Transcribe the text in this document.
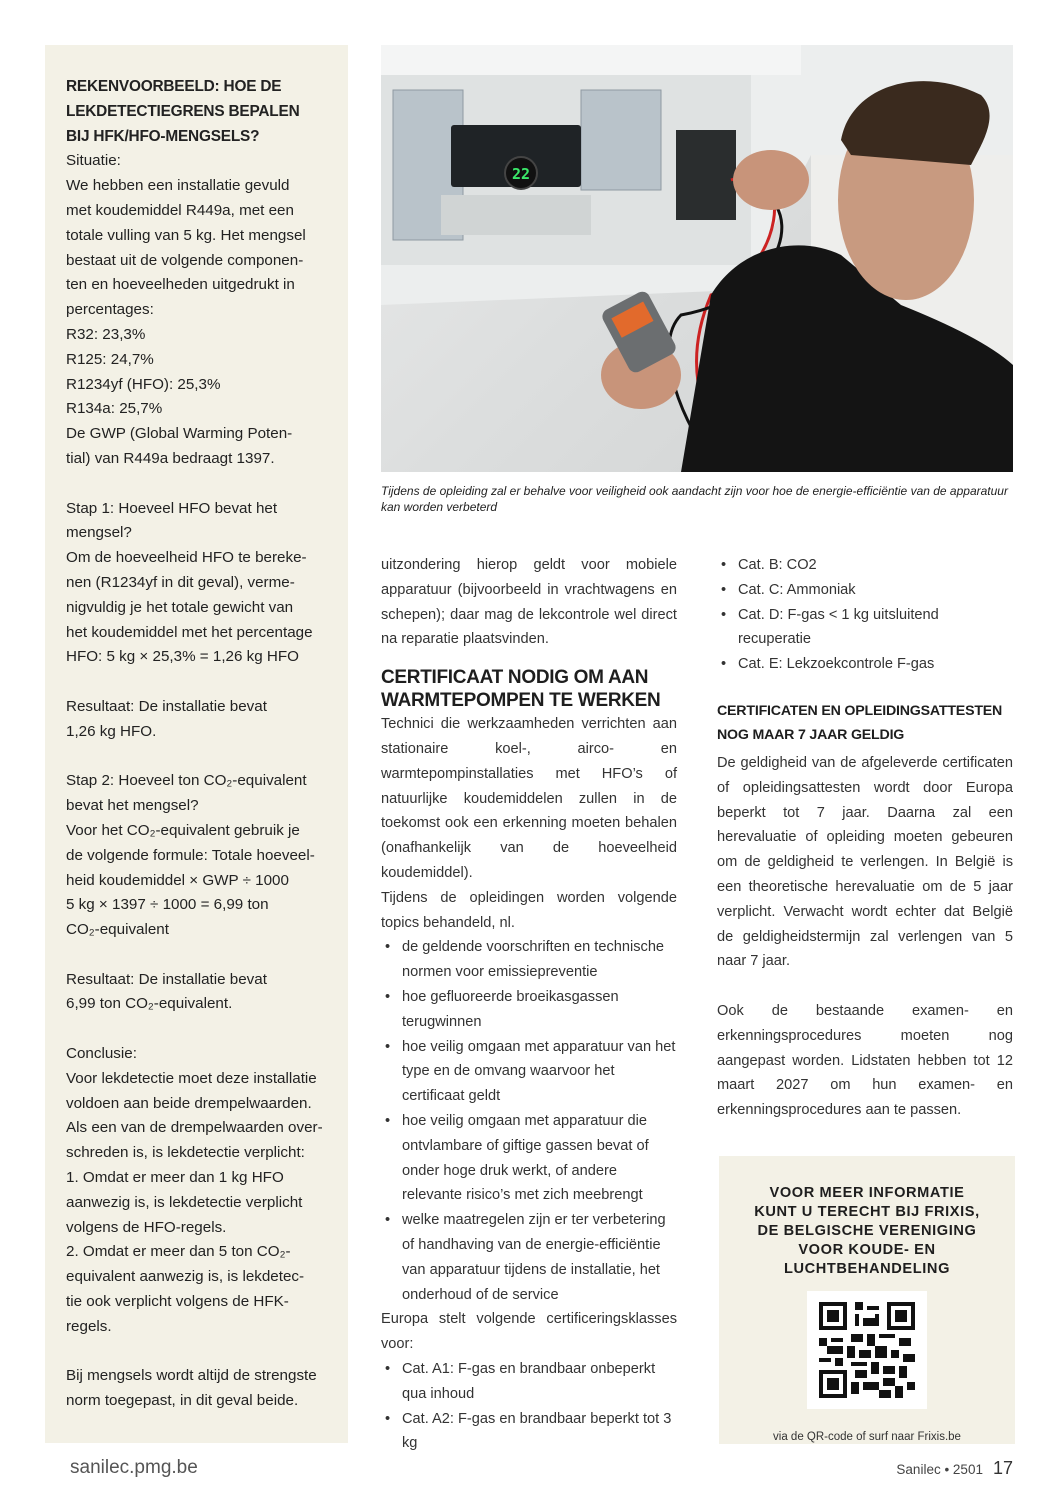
REKENVOORBEELD: HOE DE
LEKDETECTIEGRENS BEPALEN
BIJ HFK/HFO-MENGSELS?

Situatie:
We hebben een installatie gevuld
met koudemiddel R449a, met een
totale vulling van 5 kg. Het mengsel
bestaat uit de volgende componen-
ten en hoeveelheden uitgedrukt in
percentages:
R32: 23,3%
R125: 24,7%
R1234yf (HFO): 25,3%
R134a: 25,7%
De GWP (Global Warming Poten-
tial) van R449a bedraagt 1397.

Stap 1: Hoeveel HFO bevat het
mengsel?
Om de hoeveelheid HFO te bereke-
nen (R1234yf in dit geval), verme-
nigvuldig je het totale gewicht van
het koudemiddel met het percentage
HFO: 5 kg × 25,3% = 1,26 kg HFO

Resultaat: De installatie bevat
1,26 kg HFO.

Stap 2: Hoeveel ton CO₂-equivalent
bevat het mengsel?
Voor het CO₂-equivalent gebruik je
de volgende formule: Totale hoeveel-
heid koudemiddel × GWP ÷ 1000
5 kg × 1397 ÷ 1000 = 6,99 ton
CO₂-equivalent

Resultaat: De installatie bevat
6,99 ton CO₂-equivalent.

Conclusie:
Voor lekdetectie moet deze installatie
voldoen aan beide drempelwaarden.
Als een van de drempelwaarden over-
schreden is, is lekdetectie verplicht:
1. Omdat er meer dan 1 kg HFO
aanwezig is, is lekdetectie verplicht
volgens de HFO-regels.
2. Omdat er meer dan 5 ton CO₂-
equivalent aanwezig is, is lekdetec-
tie ook verplicht volgens de HFK-
regels.

Bij mengsels wordt altijd de strengste
norm toegepast, in dit geval beide.

22
Tijdens de opleiding zal er behalve voor veiligheid ook aandacht zijn voor hoe de energie-efficiëntie van de apparatuur kan worden verbeterd

uitzondering hierop geldt voor mobiele apparatuur (bijvoorbeeld in vrachtwagens en schepen); daar mag de lekcontrole wel direct na reparatie plaatsvinden.

CERTIFICAAT NODIG OM AAN WARMTEPOMPEN TE WERKEN

Technici die werkzaamheden verrichten aan stationaire koel-, airco- en warmtepompinstallaties met HFO’s of natuurlijke koudemiddelen zullen in de toekomst ook een erkenning moeten behalen (onafhankelijk van de hoeveelheid koudemiddel).

Tijdens de opleidingen worden volgende topics behandeld, nl.

• de geldende voorschriften en technische normen voor emissiepreventie
• hoe gefluoreerde broeikasgassen terugwinnen
• hoe veilig omgaan met apparatuur van het type en de omvang waarvoor het certificaat geldt
• hoe veilig omgaan met apparatuur die ontvlambare of giftige gassen bevat of onder hoge druk werkt, of andere relevante risico’s met zich meebrengt
• welke maatregelen zijn er ter verbetering of handhaving van de energie-efficiëntie van apparatuur tijdens de installatie, het onderhoud of de service

Europa stelt volgende certificeringsklasses voor:

• Cat. A1: F-gas en brandbaar onbeperkt qua inhoud
• Cat. A2: F-gas en brandbaar beperkt tot 3 kg
• Cat. B: CO2
• Cat. C: Ammoniak
• Cat. D: F-gas < 1 kg uitsluitend recuperatie
• Cat. E: Lekzoekcontrole F-gas
CERTIFICATEN EN OPLEIDINGSATTESTEN NOG MAAR 7 JAAR GELDIG

De geldigheid van de afgeleverde certificaten of opleidingsattesten wordt door Europa beperkt tot 7 jaar. Daarna zal een herevaluatie of opleiding moeten gebeuren om de geldigheid te verlengen. In België is een theoretische herevaluatie om de 5 jaar verplicht. Verwacht wordt echter dat België de geldigheidstermijn zal verlengen van 5 naar 7 jaar.

Ook de bestaande examen- en erkenningsprocedures moeten nog aangepast worden. Lidstaten hebben tot 12 maart 2027 om hun examen- en erkenningsprocedures aan te passen.

VOOR MEER INFORMATIE
KUNT U TERECHT BIJ FRIXIS,
DE BELGISCHE VERENIGING
VOOR KOUDE- EN
LUCHTBEHANDELING
via de QR-code of surf naar Frixis.be
sanilec.pmg.be	Sanilec • 2501 17
